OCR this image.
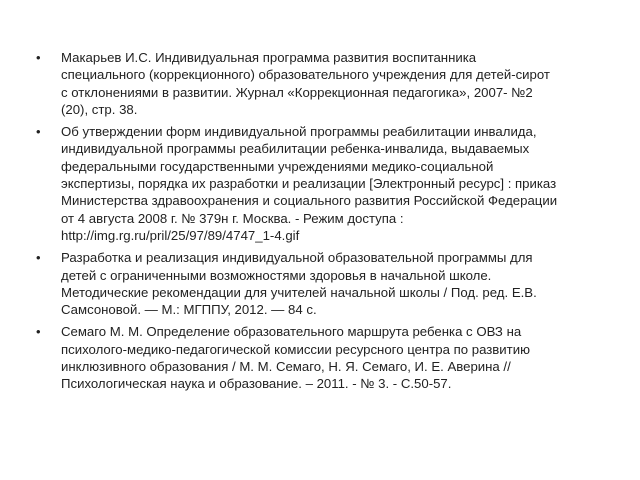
• Макарьев И.С. Индивидуальная программа развития воспитанника
специального (коррекционного) образовательного учреждения для детей-сирот
с отклонениями в развитии. Журнал «Коррекционная педагогика», 2007- №2
(20), стр. 38.
• Об утверждении форм индивидуальной программы реабилитации инвалида,
индивидуальной программы реабилитации ребенка-инвалида, выдаваемых
федеральными государственными учреждениями медико-социальной
экспертизы, порядка их разработки и реализации [Электронный ресурс] : приказ
Министерства здравоохранения и социального развития Российской Федерации
от 4 августа 2008 г. № 379н г. Москва. - Режим доступа :
http://img.rg.ru/pril/25/97/89/4747_1-4.gif
• Разработка и реализация индивидуальной образовательной программы для
детей с ограниченными возможностями здоровья в начальной школе.
Методические рекомендации для учителей начальной школы / Под. ред. Е.В.
Самсоновой. — М.: МГППУ, 2012. — 84 с.
• Семаго М. М. Определение образовательного маршрута ребенка с ОВЗ на
психолого-медико-педагогической комиссии ресурсного центра по развитию
инклюзивного образования / М. М. Семаго, Н. Я. Семаго, И. Е. Аверина //
Психологическая наука и образование. – 2011. - № 3. - С.50-57.
